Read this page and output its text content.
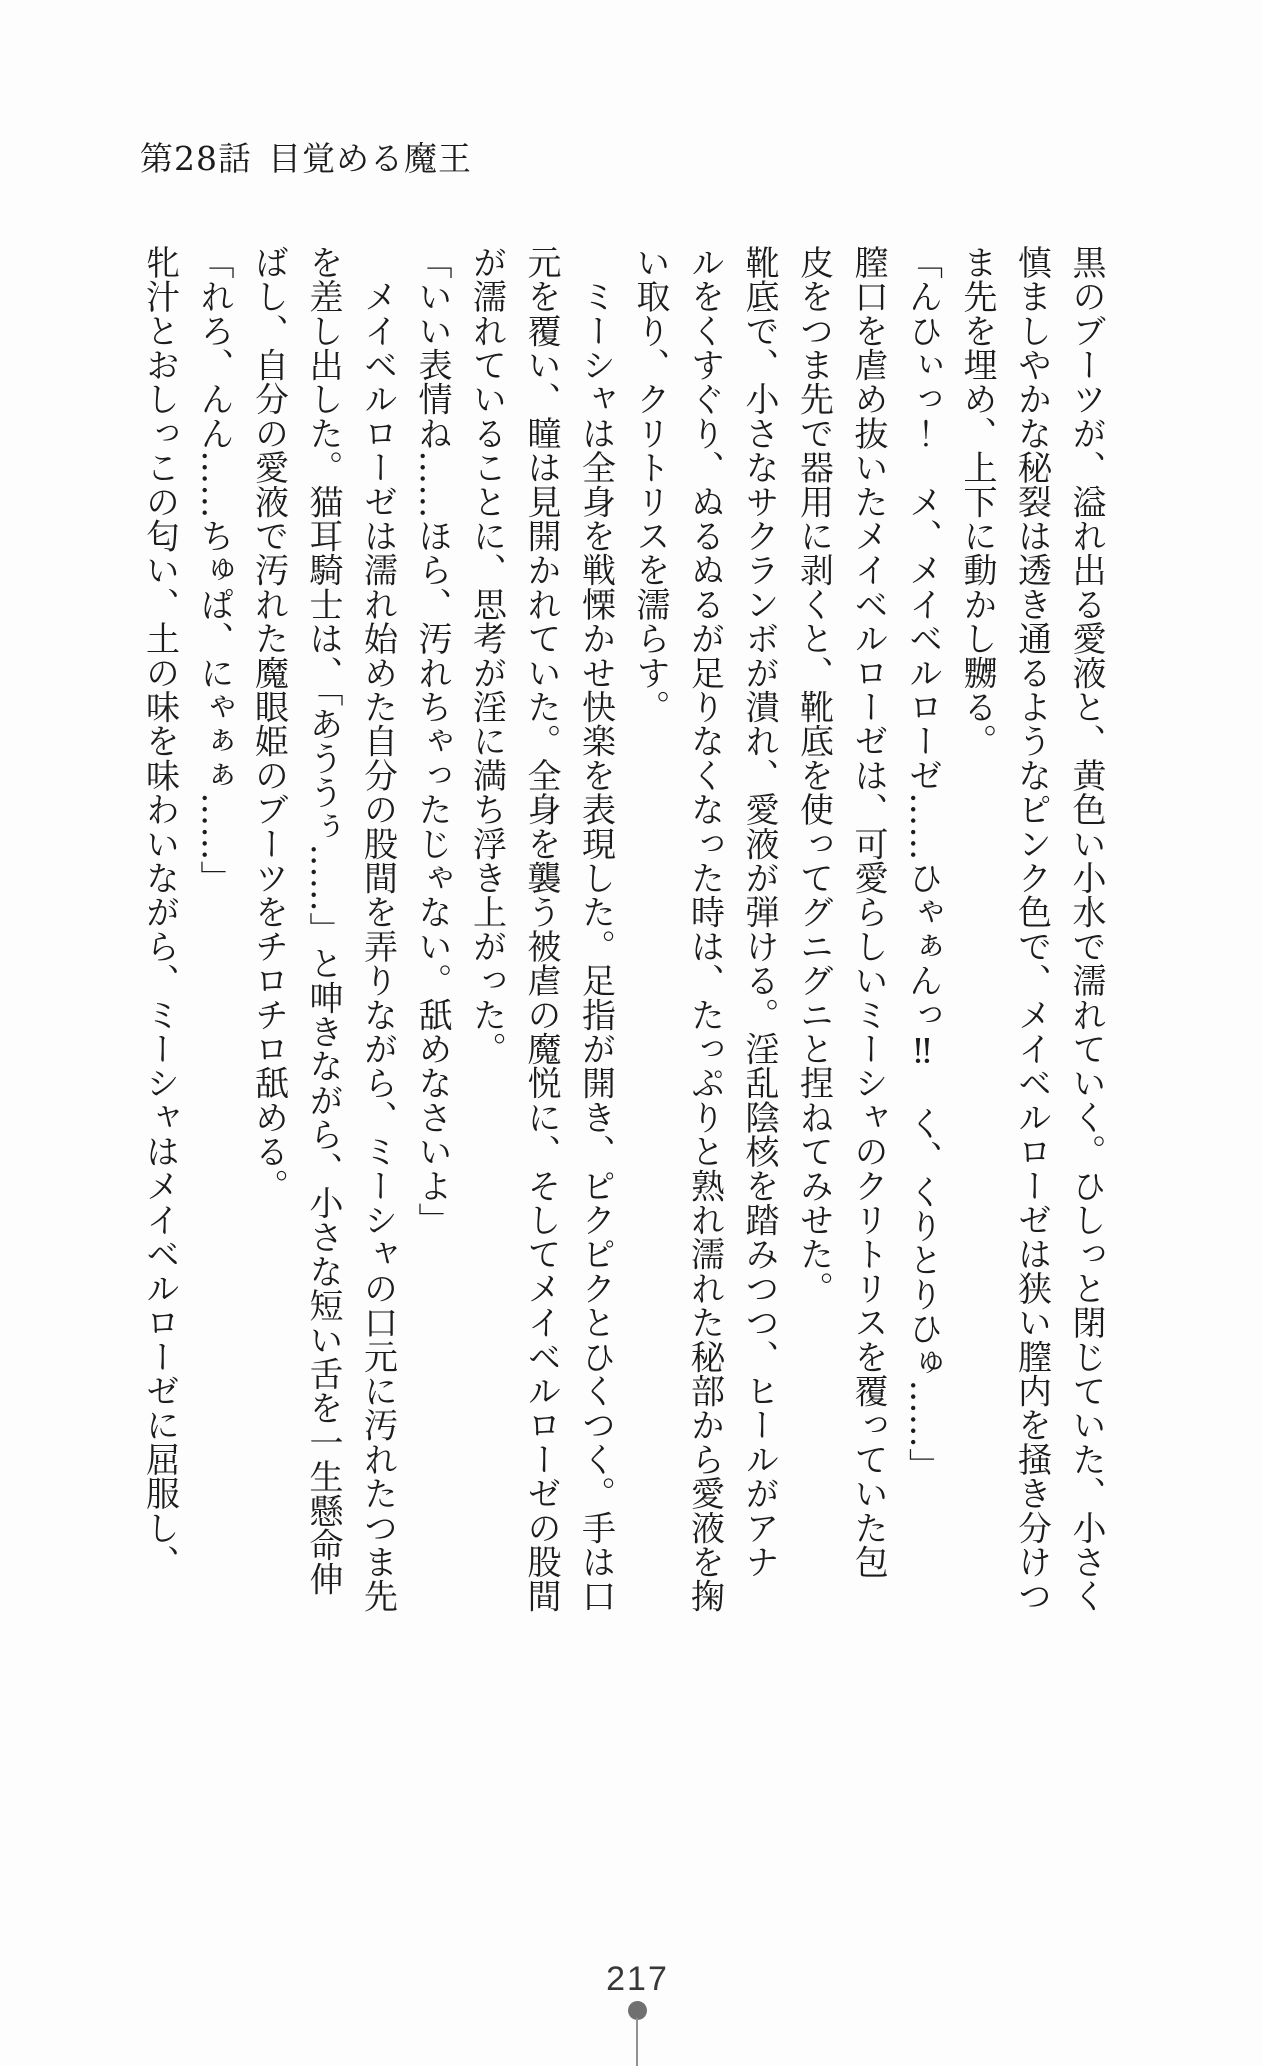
第28話 目覚める魔王
黒のブーツが、溢れ出る愛液と、黄色い小水で濡れていく。ひしっと閉じていた、小さく
慎ましやかな秘裂は透き通るようなピンク色で、メイベルローゼは狭い膣内を掻き分けつ
ま先を埋め、上下に動かし嬲る。
「んひぃっ！　メ、メイベルローゼ……ひゃぁんっ‼　く、くりとりひゅ……」
膣口を虐め抜いたメイベルローゼは、可愛らしいミーシャのクリトリスを覆っていた包
皮をつま先で器用に剥くと、靴底を使ってグニグニと捏ねてみせた。
靴底で、小さなサクランボが潰れ、愛液が弾ける。淫乱陰核を踏みつつ、ヒールがアナ
ルをくすぐり、ぬるぬるが足りなくなった時は、たっぷりと熟れ濡れた秘部から愛液を掬
い取り、クリトリスを濡らす。
　ミーシャは全身を戦慄かせ快楽を表現した。足指が開き、ピクピクとひくつく。手は口
元を覆い、瞳は見開かれていた。全身を襲う被虐の魔悦に、そしてメイベルローゼの股間
が濡れていることに、思考が淫に満ち浮き上がった。
「いい表情ね……ほら、汚れちゃったじゃない。舐めなさいよ」
　メイベルローゼは濡れ始めた自分の股間を弄りながら、ミーシャの口元に汚れたつま先
を差し出した。猫耳騎士は、「あううぅ……」と呻きながら、小さな短い舌を一生懸命伸
ばし、自分の愛液で汚れた魔眼姫のブーツをチロチロ舐める。
「れろ、んん……ちゅぱ、にゃぁぁ……」
牝汁とおしっこの匂い、土の味を味わいながら、ミーシャはメイベルローゼに屈服し、
217
